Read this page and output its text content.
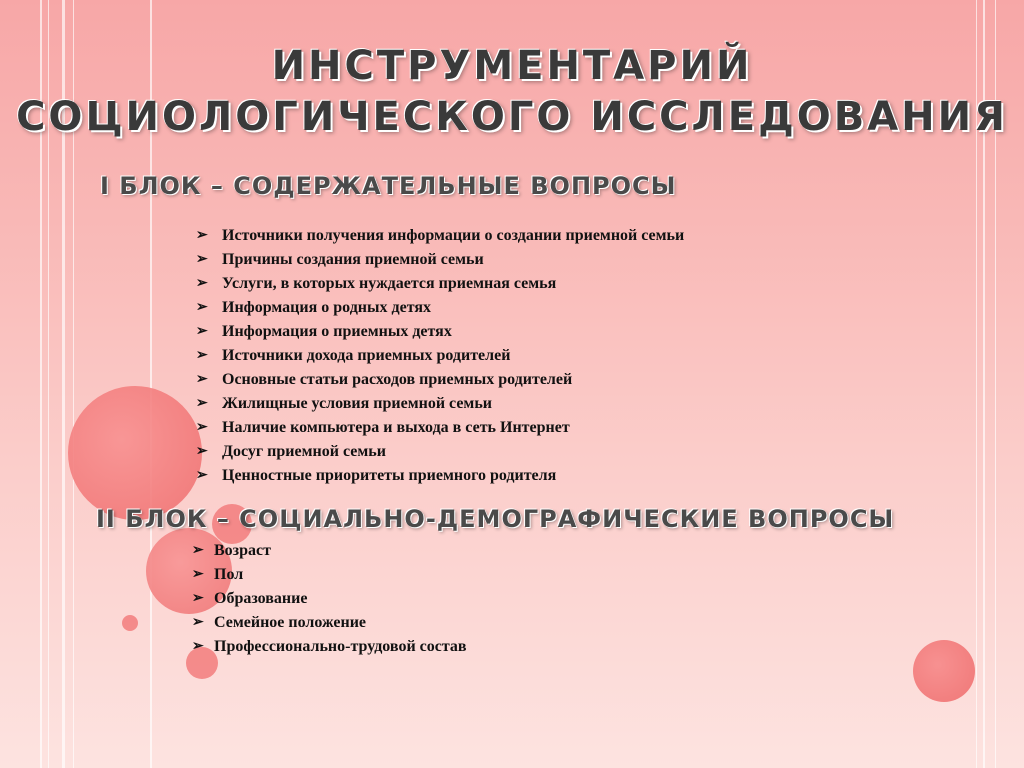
ИНСТРУМЕНТАРИЙ
СОЦИОЛОГИЧЕСКОГО ИССЛЕДОВАНИЯ
I БЛОК – СОДЕРЖАТЕЛЬНЫЕ ВОПРОСЫ
➢ Источники получения информации о создании приемной семьи
➢ Причины создания приемной семьи
➢ Услуги, в которых нуждается приемная семья
➢ Информация о родных детях
➢ Информация о приемных детях
➢ Источники дохода приемных родителей
➢ Основные статьи расходов приемных родителей
➢ Жилищные условия приемной семьи
➢ Наличие компьютера и выхода в сеть Интернет
➢ Досуг приемной семьи
➢ Ценностные приоритеты приемного родителя
II БЛОК – СОЦИАЛЬНО-ДЕМОГРАФИЧЕСКИЕ ВОПРОСЫ
➢ Возраст
➢ Пол
➢ Образование
➢ Семейное положение
➢ Профессионально-трудовой состав
